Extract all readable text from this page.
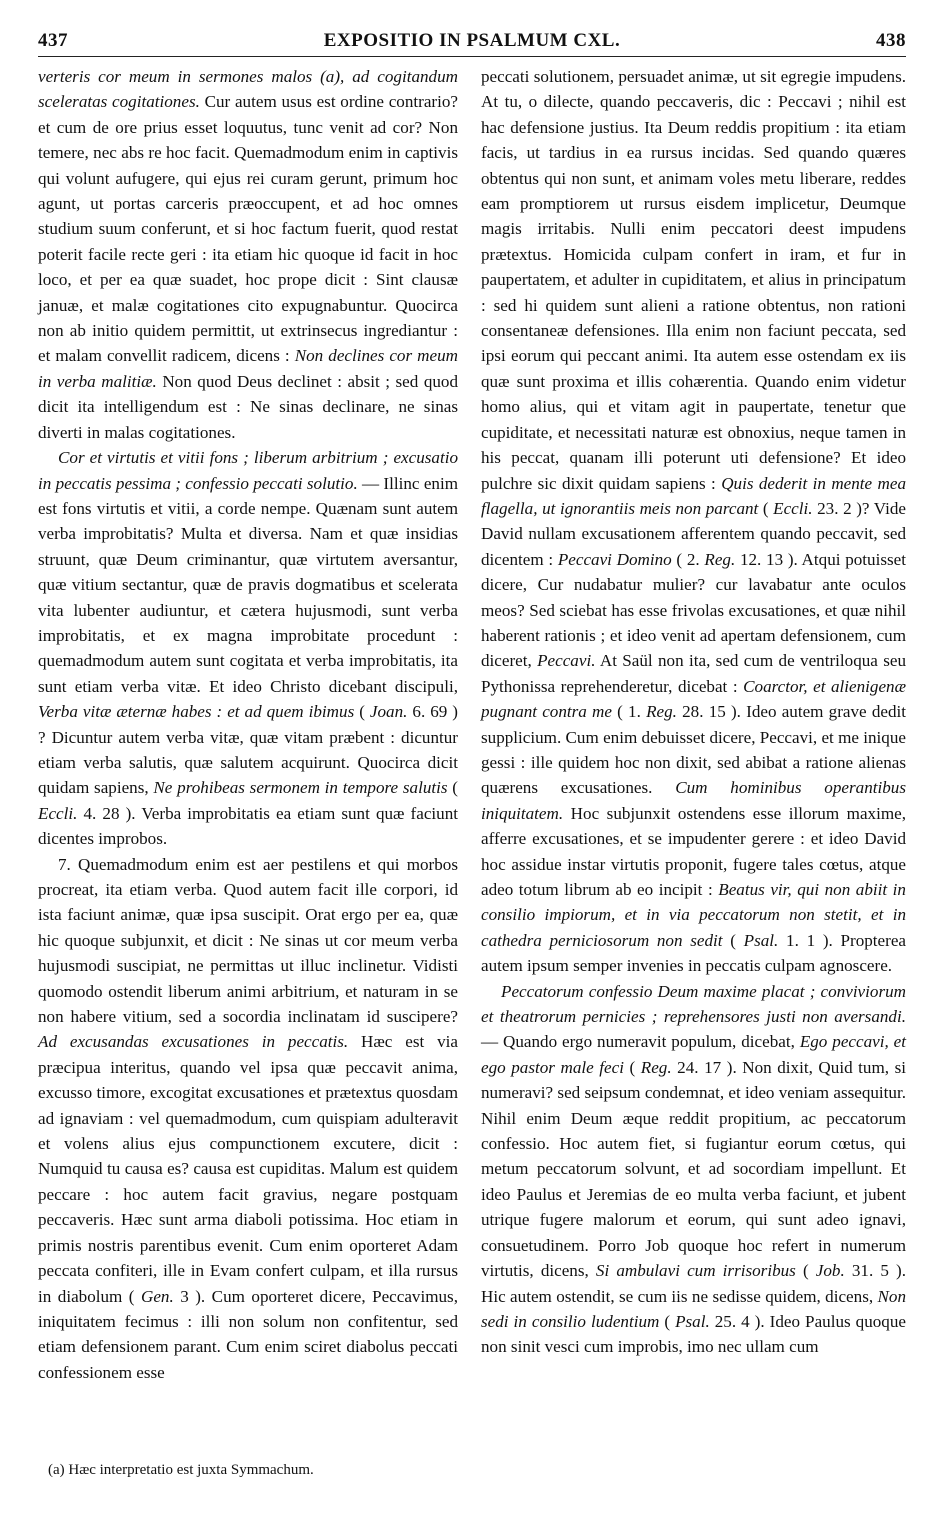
437	EXPOSITIO IN PSALMUM CXL.	438

verteris cor meum in sermones malos (a), ad cogitandum sceleratas cogitationes. Cur autem usus est ordine contrario? et cum de ore prius esset loquutus, tunc venit ad cor? Non temere, nec abs re hoc facit. Quemadmodum enim in captivis qui volunt aufugere, qui ejus rei curam gerunt, primum hoc agunt, ut portas carceris præoccupent, et ad hoc omnes studium suum conferunt, et si hoc factum fuerit, quod restat poterit facile recte geri : ita etiam hic quoque id facit in hoc loco, et per ea quæ suadet, hoc prope dicit : Sint clausæ januæ, et malæ cogitationes cito expugnabuntur. Quocirca non ab initio quidem permittit, ut extrinsecus ingrediantur : et malam convellit radicem, dicens : Non declines cor meum in verba malitiæ. Non quod Deus declinet : absit ; sed quod dicit ita intelligendum est : Ne sinas declinare, ne sinas diverti in malas cogitationes.

Cor et virtutis et vitii fons ; liberum arbitrium ; excusatio in peccatis pessima ; confessio peccati solutio. — Illinc enim est fons virtutis et vitii, a corde nempe. Quænam sunt autem verba improbitatis? Multa et diversa. Nam et quæ insidias struunt, quæ Deum criminantur, quæ virtutem aversantur, quæ vitium sectantur, quæ de pravis dogmatibus et scelerata vita lubenter audiuntur, et cætera hujusmodi, sunt verba improbitatis, et ex magna improbitate procedunt : quemadmodum autem sunt cogitata et verba improbitatis, ita sunt etiam verba vitæ. Et ideo Christo dicebant discipuli, Verba vitæ æternæ habes : et ad quem ibimus ( Joan. 6. 69 ) ? Dicuntur autem verba vitæ, quæ vitam præbent : dicuntur etiam verba salutis, quæ salutem acquirunt. Quocirca dicit quidam sapiens, Ne prohibeas sermonem in tempore salutis ( Eccli. 4. 28 ). Verba improbitatis ea etiam sunt quæ faciunt dicentes improbos.

7. Quemadmodum enim est aer pestilens et qui morbos procreat, ita etiam verba. Quod autem facit ille corpori, id ista faciunt animæ, quæ ipsa suscipit. Orat ergo per ea, quæ hic quoque subjunxit, et dicit : Ne sinas ut cor meum verba hujusmodi suscipiat, ne permittas ut illuc inclinetur. Vidisti quomodo ostendit liberum animi arbitrium, et naturam in se non habere vitium, sed a socordia inclinatam id suscipere? Ad excusandas excusationes in peccatis. Hæc est via præcipua interitus, quando vel ipsa quæ peccavit anima, excusso timore, excogitat excusationes et prætextus quosdam ad ignaviam : vel quemadmodum, cum quispiam adulteravit et volens alius ejus compunctionem excutere, dicit : Numquid tu causa es? causa est cupiditas. Malum est quidem peccare : hoc autem facit gravius, negare postquam peccaveris. Hæc sunt arma diaboli potissima. Hoc etiam in primis nostris parentibus evenit. Cum enim oporteret Adam peccata confiteri, ille in Evam confert culpam, et illa rursus in diabolum ( Gen. 3 ). Cum oporteret dicere, Peccavimus, iniquitatem fecimus : illi non solum non confitentur, sed etiam defensionem parant. Cum enim sciret diabolus peccati confessionem esse

peccati solutionem, persuadet animæ, ut sit egregie impudens. At tu, o dilecte, quando peccaveris, dic : Peccavi ; nihil est hac defensione justius. Ita Deum reddis propitium : ita etiam facis, ut tardius in ea rursus incidas. Sed quando quæres obtentus qui non sunt, et animam voles metu liberare, reddes eam promptiorem ut rursus eisdem implicetur, Deumque magis irritabis. Nulli enim peccatori deest impudens prætextus. Homicida culpam confert in iram, et fur in paupertatem, et adulter in cupiditatem, et alius in principatum : sed hi quidem sunt alieni a ratione obtentus, non rationi consentaneæ defensiones. Illa enim non faciunt peccata, sed ipsi eorum qui peccant animi. Ita autem esse ostendam ex iis quæ sunt proxima et illis cohærentia. Quando enim videtur homo alius, qui et vitam agit in paupertate, tenetur que cupiditate, et necessitati naturæ est obnoxius, neque tamen in his peccat, quanam illi poterunt uti defensione? Et ideo pulchre sic dixit quidam sapiens : Quis dederit in mente mea flagella, ut ignorantiis meis non parcant ( Eccli. 23. 2 )? Vide David nullam excusationem afferentem quando peccavit, sed dicentem : Peccavi Domino ( 2. Reg. 12. 13 ). Atqui potuisset dicere, Cur nudabatur mulier? cur lavabatur ante oculos meos? Sed sciebat has esse frivolas excusationes, et quæ nihil haberent rationis ; et ideo venit ad apertam defensionem, cum diceret, Peccavi. At Saül non ita, sed cum de ventriloqua seu Pythonissa reprehenderetur, dicebat : Coarctor, et alienigenæ pugnant contra me ( 1. Reg. 28. 15 ). Ideo autem grave dedit supplicium. Cum enim debuisset dicere, Peccavi, et me inique gessi : ille quidem hoc non dixit, sed abibat a ratione alienas quærens excusationes. Cum hominibus operantibus iniquitatem. Hoc subjunxit ostendens esse illorum maxime, afferre excusationes, et se impudenter gerere : et ideo David hoc assidue instar virtutis proponit, fugere tales cœtus, atque adeo totum librum ab eo incipit : Beatus vir, qui non abiit in consilio impiorum, et in via peccatorum non stetit, et in cathedra perniciosorum non sedit ( Psal. 1. 1 ). Propterea autem ipsum semper invenies in peccatis culpam agnoscere.

Peccatorum confessio Deum maxime placat ; conviviorum et theatrorum pernicies ; reprehensores justi non aversandi. — Quando ergo numeravit populum, dicebat, Ego peccavi, et ego pastor male feci ( Reg. 24. 17 ). Non dixit, Quid tum, si numeravi? sed seipsum condemnat, et ideo veniam assequitur. Nihil enim Deum æque reddit propitium, ac peccatorum confessio. Hoc autem fiet, si fugiantur eorum cœtus, qui metum peccatorum solvunt, et ad socordiam impellunt. Et ideo Paulus et Jeremias de eo multa verba faciunt, et jubent utrique fugere malorum et eorum, qui sunt adeo ignavi, consuetudinem. Porro Job quoque hoc refert in numerum virtutis, dicens, Si ambulavi cum irrisoribus ( Job. 31. 5 ). Hic autem ostendit, se cum iis ne sedisse quidem, dicens, Non sedi in consilio ludentium ( Psal. 25. 4 ). Ideo Paulus quoque non sinit vesci cum improbis, imo nec ullam cum

(a) Hæc interpretatio est juxta Symmachum.
